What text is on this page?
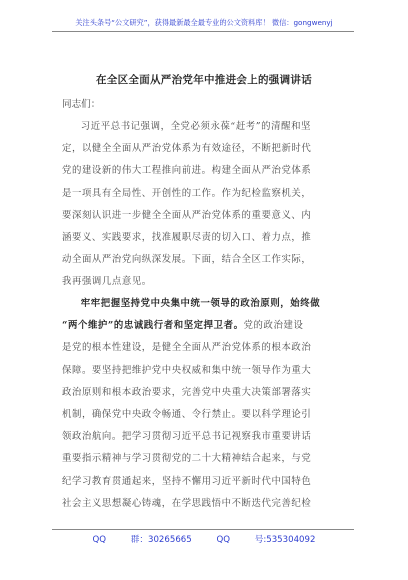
关注头条号“公文研究”，获得最新最全最专业的公文资料库！ 微信：gongwenyj
在全区全面从严治党年中推进会上的强调讲话
同志们：
习近平总书记强调，全党必须永葆“赶考”的清醒和坚
定，以健全全面从严治党体系为有效途径，不断把新时代
党的建设新的伟大工程推向前进。构建全面从严治党体系
是一项具有全局性、开创性的工作。作为纪检监察机关，
要深刻认识进一步健全全面从严治党体系的重要意义、内
涵要义、实践要求，找准履职尽责的切入口、着力点，推
动全面从严治党向纵深发展。下面，结合全区工作实际，
我再强调几点意见。
牢牢把握坚持党中央集中统一领导的政治原则，始终做
“两个维护”的忠诚践行者和坚定捍卫者。党的政治建设
是党的根本性建设，是健全全面从严治党体系的根本政治
保障。要坚持把维护党中央权威和集中统一领导作为重大
政治原则和根本政治要求，完善党中央重大决策部署落实
机制，确保党中央政令畅通、令行禁止。要以科学理论引
领政治航向。把学习贯彻习近平总书记视察我市重要讲话
重要指示精神与学习贯彻党的二十大精神结合起来，与党
纪学习教育贯通起来，坚持不懈用习近平新时代中国特色
社会主义思想凝心铸魂，在学思践悟中不断迭代完善纪检
QQ 群：30265665	QQ 号:535304092
